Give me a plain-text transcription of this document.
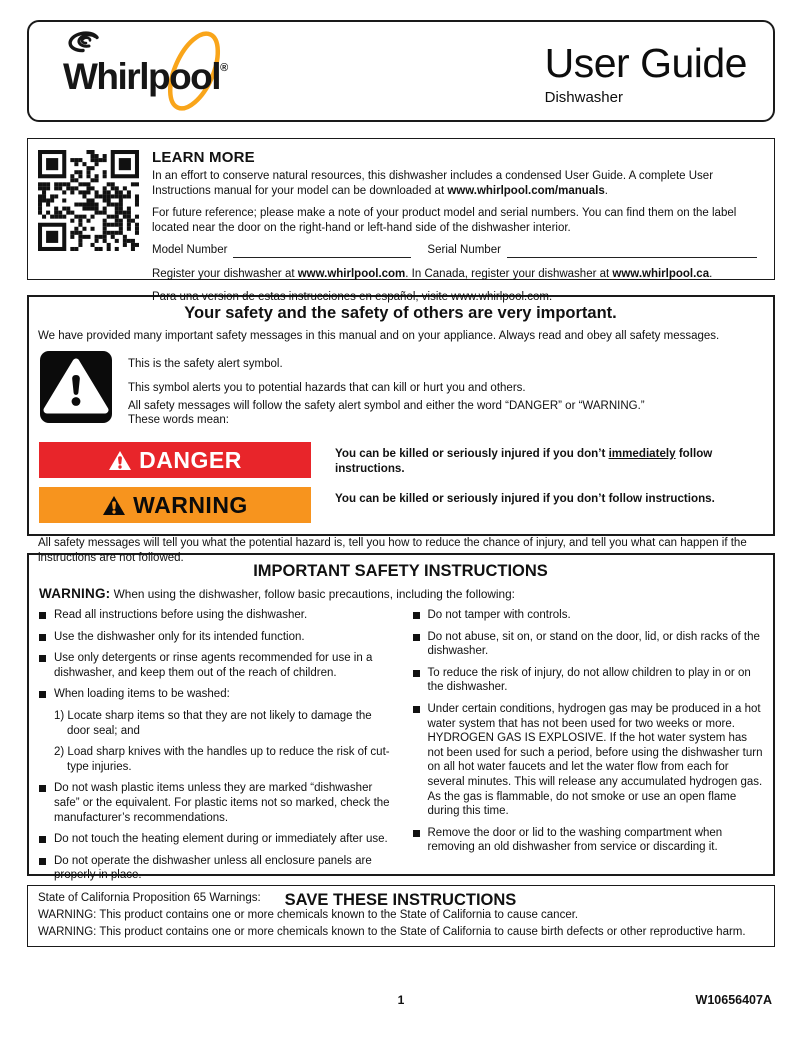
Whirlpool®	User Guide
Dishwasher
LEARN MORE
In an effort to conserve natural resources, this dishwasher includes a condensed User Guide. A complete User Instructions manual for your model can be downloaded at www.whirlpool.com/manuals.
For future reference; please make a note of your product model and serial numbers. You can find them on the label located near the door on the right-hand or left-hand side of the dishwasher interior.
Model Number	Serial Number
Register your dishwasher at www.whirlpool.com. In Canada, register your dishwasher at www.whirlpool.ca.
Para una version de estas instrucciones en español, visite www.whirlpool.com.
Your safety and the safety of others are very important.
We have provided many important safety messages in this manual and on your appliance. Always read and obey all safety messages.
This is the safety alert symbol.
This symbol alerts you to potential hazards that can kill or hurt you and others.
All safety messages will follow the safety alert symbol and either the word “DANGER” or “WARNING.”
These words mean:
DANGER	You can be killed or seriously injured if you don’t immediately follow instructions.
WARNING	You can be killed or seriously injured if you don’t follow instructions.
All safety messages will tell you what the potential hazard is, tell you how to reduce the chance of injury, and tell you what can happen if the instructions are not followed.
IMPORTANT SAFETY INSTRUCTIONS
WARNING: When using the dishwasher, follow basic precautions, including the following:
Read all instructions before using the dishwasher.
Use the dishwasher only for its intended function.
Use only detergents or rinse agents recommended for use in a dishwasher, and keep them out of the reach of children.
When loading items to be washed:
1) Locate sharp items so that they are not likely to damage the door seal; and
2) Load sharp knives with the handles up to reduce the risk of cut-type injuries.
Do not wash plastic items unless they are marked “dishwasher safe” or the equivalent. For plastic items not so marked, check the manufacturer’s recommendations.
Do not touch the heating element during or immediately after use.
Do not operate the dishwasher unless all enclosure panels are properly in place.
Do not tamper with controls.
Do not abuse, sit on, or stand on the door, lid, or dish racks of the dishwasher.
To reduce the risk of injury, do not allow children to play in or on the dishwasher.
Under certain conditions, hydrogen gas may be produced in a hot water system that has not been used for two weeks or more. HYDROGEN GAS IS EXPLOSIVE. If the hot water system has not been used for such a period, before using the dishwasher turn on all hot water faucets and let the water flow from each for several minutes. This will release any accumulated hydrogen gas. As the gas is flammable, do not smoke or use an open flame during this time.
Remove the door or lid to the washing compartment when removing an old dishwasher from service or discarding it.
SAVE THESE INSTRUCTIONS
State of California Proposition 65 Warnings:
WARNING: This product contains one or more chemicals known to the State of California to cause cancer.
WARNING: This product contains one or more chemicals known to the State of California to cause birth defects or other reproductive harm.
1	W10656407A
